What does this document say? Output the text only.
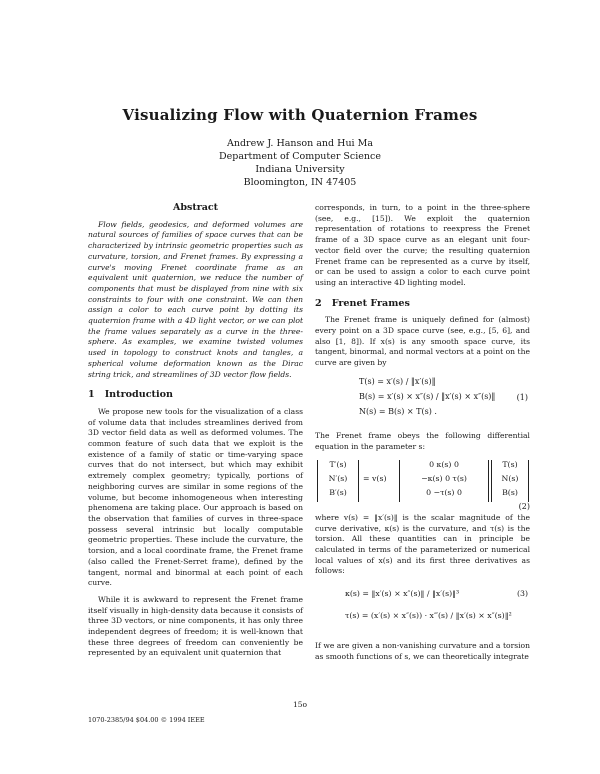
Visualizing Flow with Quaternion Frames
Andrew J. Hanson and Hui Ma
Department of Computer Science
Indiana University
Bloomington, IN 47405
Abstract

Flow fields, geodesics, and deformed volumes are natural sources of families of space curves that can be characterized by intrinsic geometric properties such as curvature, torsion, and Frenet frames. By expressing a curve's moving Frenet coordinate frame as an equivalent unit quaternion, we reduce the number of components that must be displayed from nine with six constraints to four with one constraint. We can then assign a color to each curve point by dotting its quaternion frame with a 4D light vector, or we can plot the frame values separately as a curve in the three-sphere. As examples, we examine twisted volumes used in topology to construct knots and tangles, a spherical volume deformation known as the Dirac string trick, and streamlines of 3D vector flow fields.

1 Introduction

We propose new tools for the visualization of a class of volume data that includes streamlines derived from 3D vector field data as well as deformed volumes. The common feature of such data that we exploit is the existence of a family of static or time-varying space curves that do not intersect, but which may exhibit extremely complex geometry; typically, portions of neighboring curves are similar in some regions of the volume, but become inhomogeneous when interesting phenomena are taking place. Our approach is based on the observation that families of curves in three-space possess several intrinsic but locally computable geometric properties. These include the curvature, the torsion, and a local coordinate frame, the Frenet frame (also called the Frenet-Serret frame), defined by the tangent, normal and binormal at each point of each curve.

While it is awkward to represent the Frenet frame itself visually in high-density data because it consists of three 3D vectors, or nine components, it has only three independent degrees of freedom; it is well-known that these three degrees of freedom can conveniently be represented by an equivalent unit quaternion that

corresponds, in turn, to a point in the three-sphere (see, e.g., [15]). We exploit the quaternion representation of rotations to reexpress the Frenet frame of a 3D space curve as an elegant unit four-vector field over the curve; the resulting quaternion Frenet frame can be represented as a curve by itself, or can be used to assign a color to each curve point using an interactive 4D lighting model.

2 Frenet Frames

The Frenet frame is uniquely defined for (almost) every point on a 3D space curve (see, e.g., [5, 6], and also [1, 8]). If x(s) is any smooth space curve, its tangent, binormal, and normal vectors at a point on the curve are given by

T(s) = x′(s) / ‖x′(s)‖
B(s) = x′(s) × x″(s) / ‖x′(s) × x″(s)‖
N(s) = B(s) × T(s) .
(1)

The Frenet frame obeys the following differential equation in the parameter s:

T′(s)
N′(s)
B′(s)
= v(s)
0 κ(s) 0
−κ(s) 0 τ(s)
0 −τ(s) 0
T(s)
N(s)
B(s)
(2)

where v(s) = ‖x′(s)‖ is the scalar magnitude of the curve derivative, κ(s) is the curvature, and τ(s) is the torsion. All these quantities can in principle be calculated in terms of the parameterized or numerical local values of x(s) and its first three derivatives as follows:

κ(s) = ‖x′(s) × x″(s)‖ / ‖x′(s)‖³
τ(s) = (x′(s) × x″(s)) · x‴(s) / ‖x′(s) × x″(s)‖²
(3)

If we are given a non-vanishing curvature and a torsion as smooth functions of s, we can theoretically integrate

15o
1070-2385/94 $04.00 © 1994 IEEE
